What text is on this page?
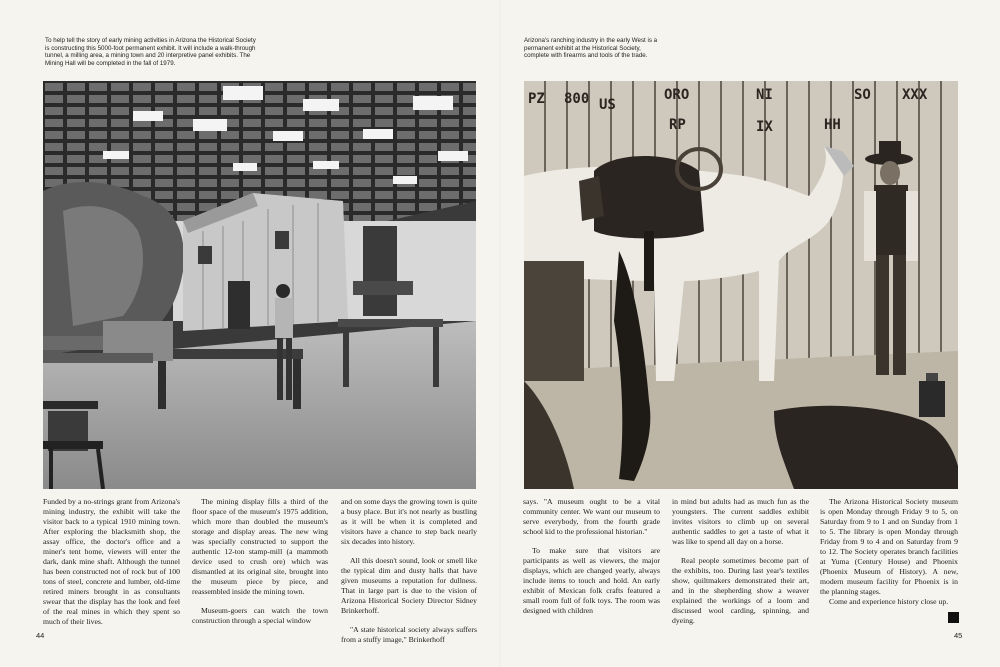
To help tell the story of early mining activities in Arizona the Historical Society is constructing this 5000-foot permanent exhibit. It will include a walk-through tunnel, a milling area, a mining town and 20 interpretive panel exhibits. The Mining Hall will be completed in the fall of 1979.
Arizona's ranching industry in the early West is a permanent exhibit at the Historical Society, complete with firearms and tools of the trade.
PZ 800 US
ORO	NI	SO XXX
RP	IX	HH

Funded by a no-strings grant from Arizona's mining industry, the exhibit will take the visitor back to a typical 1910 mining town. After exploring the blacksmith shop, the assay office, the doctor's office and a miner's tent home, viewers will enter the dark, dank mine shaft. Although the tunnel has been constructed not of rock but of 100 tons of steel, concrete and lumber, old-time retired miners brought in as consultants swear that the display has the look and feel of the real mines in which they spent so much of their lives.

The mining display fills a third of the floor space of the museum's 1975 addition, which more than doubled the museum's storage and display areas. The new wing was specially constructed to support the authentic 12-ton stamp-mill (a mammoth device used to crush ore) which was dismantled at its original site, brought into the museum piece by piece, and reassembled inside the mining town.

Museum-goers can watch the town construction through a special window

and on some days the growing town is quite a busy place. But it's not nearly as bustling as it will be when it is completed and visitors have a chance to step back nearly six decades into history.

All this doesn't sound, look or smell like the typical dim and dusty halls that have given museums a reputation for dullness. That in large part is due to the vision of Arizona Historical Society Director Sidney Brinkerhoff.

"A state historical society always suffers from a stuffy image," Brinkerhoff

says. "A museum ought to be a vital community center. We want our museum to serve everybody, from the fourth grade school kid to the professional historian."

To make sure that visitors are participants as well as viewers, the major displays, which are changed yearly, always include items to touch and hold. An early exhibit of Mexican folk crafts featured a small room full of folk toys. The room was designed with children

in mind but adults had as much fun as the youngsters. The current saddles exhibit invites visitors to climb up on several authentic saddles to get a taste of what it was like to spend all day on a horse.

Real people sometimes become part of the exhibits, too. During last year's textiles show, quiltmakers demonstrated their art, and in the shepherding show a weaver explained the workings of a loom and discussed wool carding, spinning, and dyeing.

The Arizona Historical Society museum is open Monday through Friday 9 to 5, on Saturday from 9 to 1 and on Sunday from 1 to 5. The library is open Monday through Friday from 9 to 4 and on Saturday from 9 to 12. The Society operates branch facilities at Yuma (Century House) and Phoenix (Phoenix Museum of History). A new, modern museum facility for Phoenix is in the planning stages.

Come and experience history close up.

44	45
